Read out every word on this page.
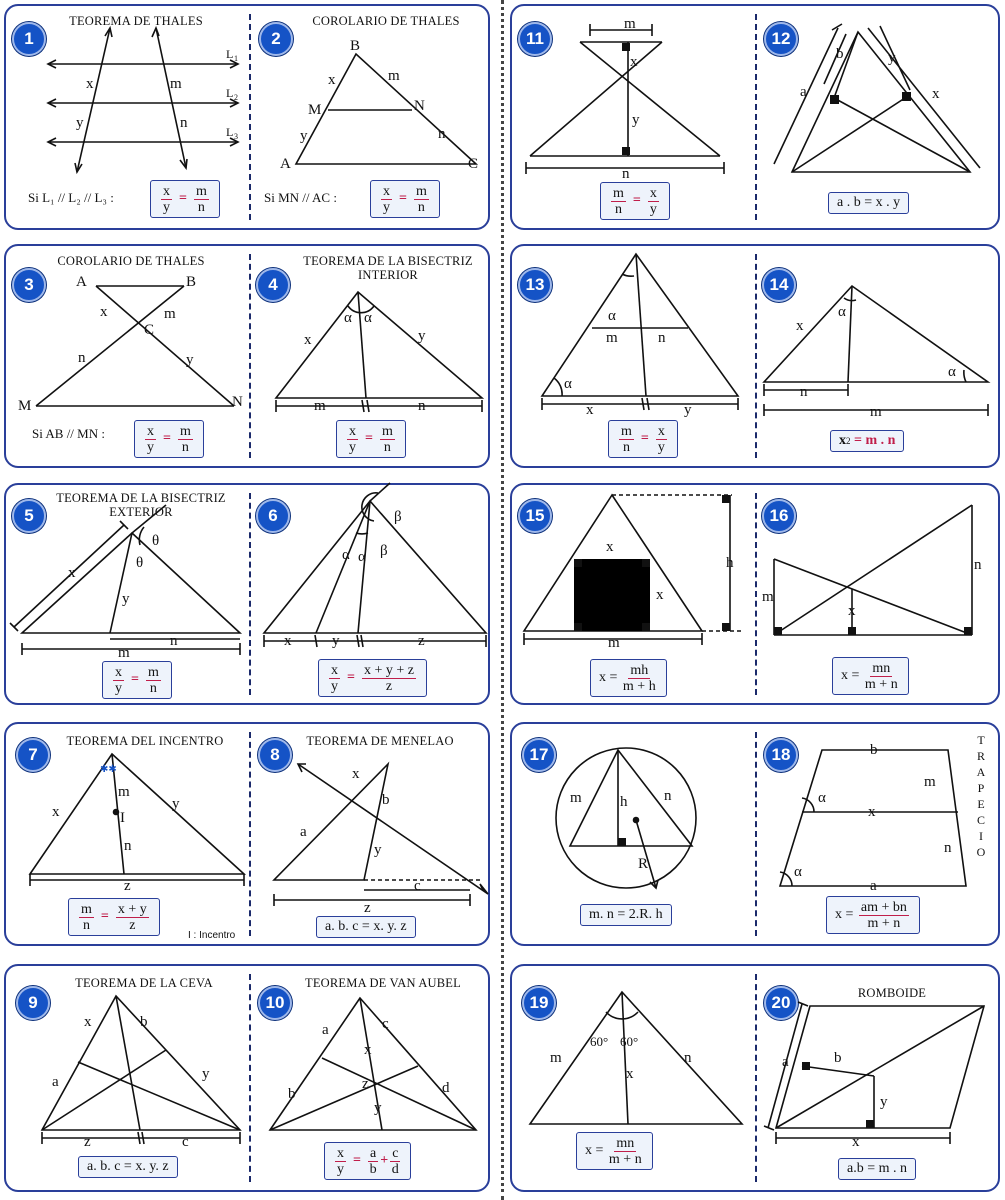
1
TEOREMA DE THALES
x	m
y	n
L 1
L 2
L 3
B
A	C
M	N
x	m
y	n
Si L₁ // L₂ // L₃ :	$\frac{x}{y} = \frac{m}{n}$
2
COROLARIO DE THALES
Si MN // AC :	$\frac{x}{y} = \frac{m}{n}$
11	12
m
x
y
n
b
a
y
x
$\frac{m}{n} = \frac{x}{y}$	a . b = x . y
3	4
COROLARIO DE THALES	TEOREMA DE LA BISECTRIZ INTERIOR
A	B
C
x	m
n	y
M	N
α α
x	y
m	n
Si AB // MN :	$\frac{x}{y} = \frac{m}{n}$	$\frac{x}{y} = \frac{m}{n}$
13	14
α
α
m	n
x	y
α
α
x
n
m
$\frac{m}{n} = \frac{x}{y}$	x 2
= m . n
5	6
TEOREMA DE LA BISECTRIZ EXTERIOR
θ
θ
x
y
m
n
α α
β
β
x	y	z
$\frac{x}{y} = \frac{m}{n}$	$\frac{x}{y} = \frac{x + y + z}{z}$
15	16
x
x
h
m
m
n
x
x =
$\frac{mh}{m + h}$	x =
$\frac{mn}{m + n}$
7	8
TEOREMA DEL INCENTRO	TEOREMA DE MENELAO
✱✱
x	y
m
I
n
z
x
b
a
y
z
c
$\frac{m}{n} = \frac{x + y}{z}$
I : Incentro
a. b. c = x. y. z
17	18
m	h n
R
b
m
α
x
n
α
a
T
R
A
P
E
C
I
O
m. n = 2.R. h	x =
$\frac{am + bn}{m + n}$
9	10
TEOREMA DE LA CEVA	TEOREMA DE VAN AUBEL
x	b
a	y
z	c
a	c
x
b	d
z
y
a. b. c = x. y. z	$\frac{x}{y} = \frac{a}{b} + \frac{c}{d}$
19	20	ROMBOIDE
60° 60°
m	n
x
a	b
y
x
x =
$\frac{mn}{m + n}$
a.b = m . n
